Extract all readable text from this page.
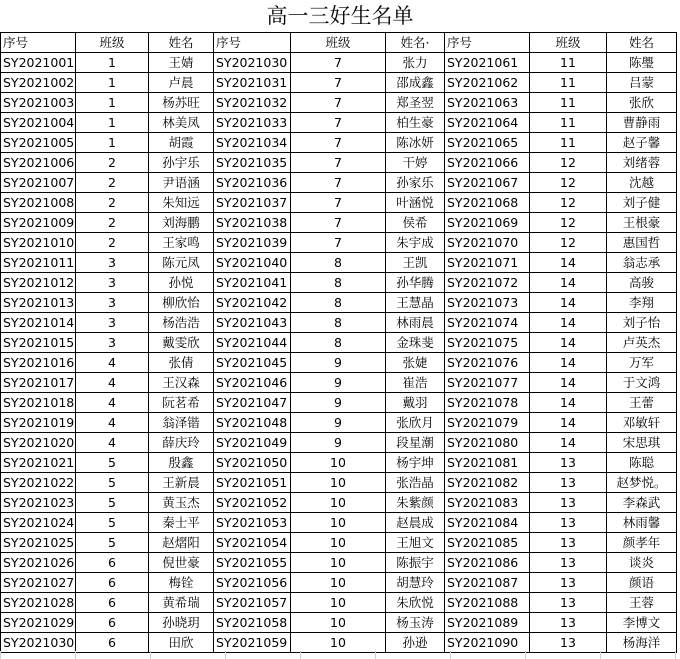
高一三好生名单
序号	班级	姓名	序号	班级	姓名·	序号	班级	姓名
SY2021001	1	王婧	SY2021030	7	张力	SY2021061	11	陈璺
SY2021002	1	卢晨	SY2021031	7	邵成鑫	SY2021062	11	吕蒙
SY2021003	1	杨苏旺	SY2021032	7	郑圣翌	SY2021063	11	张欣
SY2021004	1	林美凤	SY2021033	7	柏生豪	SY2021064	11	曹静雨
SY2021005	1	胡霞	SY2021034	7	陈冰妍	SY2021065	11	赵子馨
SY2021006	2	孙宇乐	SY2021035	7	干婷	SY2021066	12	刘绪蓉
SY2021007	2	尹语涵	SY2021036	7	孙家乐	SY2021067	12	沈越
SY2021008	2	朱知远	SY2021037	7	叶涵悦	SY2021068	12	刘子健
SY2021009	2	刘海鹏	SY2021038	7	侯希	SY2021069	12	王根豪
SY2021010	2	王家鸣	SY2021039	7	朱宇成	SY2021070	12	惠国哲
SY2021011	3	陈元凤	SY2021040	8	王凯	SY2021071	14	翁志承
SY2021012	3	孙悦	SY2021041	8	孙华腾	SY2021072	14	高骏
SY2021013	3	柳欣怡	SY2021042	8	王慧晶	SY2021073	14	李翔
SY2021014	3	杨浩浩	SY2021043	8	林雨晨	SY2021074	14	刘子怡
SY2021015	3	戴雯欣	SY2021044	8	金珠斐	SY2021075	14	卢英杰
SY2021016	4	张倩	SY2021045	9	张婕	SY2021076	14	万军
SY2021017	4	王汉森	SY2021046	9	崔浩	SY2021077	14	于文鸿
SY2021018	4	阮茗希	SY2021047	9	戴羽	SY2021078	14	王蕾
SY2021019	4	翁泽锴	SY2021048	9	张欣月	SY2021079	14	邓敏轩
SY2021020	4	薛庆玲	SY2021049	9	段星潮	SY2021080	14	宋思琪
SY2021021	5	殷鑫	SY2021050	10	杨宇坤	SY2021081	13	陈聪
SY2021022	5	王新晨	SY2021051	10	张浩晶	SY2021082	13	赵梦悦。
SY2021023	5	黄玉杰	SY2021052	10	朱紫颜	SY2021083	13	李森武
SY2021024	5	秦士平	SY2021053	10	赵晨成	SY2021084	13	林雨馨
SY2021025	5	赵熠阳	SY2021054	10	王旭文	SY2021085	13	颜孝年
SY2021026	6	倪世豪	SY2021055	10	陈振宇	SY2021086	13	谈炎
SY2021027	6	梅铨	SY2021056	10	胡慧玲	SY2021087	13	颜语
SY2021028	6	黄希瑞	SY2021057	10	朱欣悦	SY2021088	13	王蓉
SY2021029	6	孙晓玥	SY2021058	10	杨玉涛	SY2021089	13	李博文
SY2021030	6	田欣	SY2021059	10	孙逊	SY2021090	13	杨海洋
